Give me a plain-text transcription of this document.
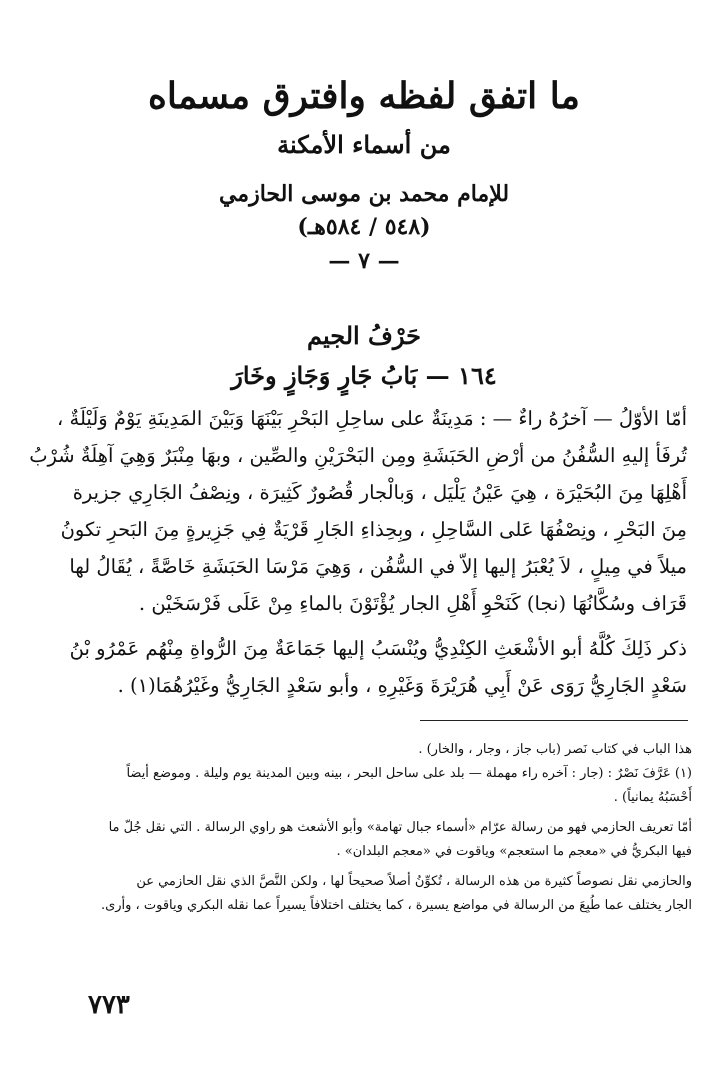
ما اتفق لفظه وافترق مسماه
من أسماء الأمكنة
للإمام محمد بن موسى الحازمي
(٥٤٨ / ٥٨٤هـ)
— ٧ —
حَرْفُ الجيم
١٦٤ — بَابُ جَارٍ وَجَازٍ وخَارَ
أمّا الأوّلُ — آخرُهُ راءٌ — : مَدِينَةٌ على ساحِلِ البَحْرِ بَيْنَهَا وَبَيْنَ المَدِينَةِ يَوْمٌ وَلَيْلَةٌ ،
تُرفَأ إليهِ السُّفُنُ من أرْضِ الحَبَشَةِ ومِن البَحْرَيْنِ والصِّين ، وبهَا مِنْبَرٌ وَهِيَ آهِلَةٌ شُرْبُ
أَهْلِهَا مِنَ البُحَيْرَة ، هِيَ عَيْنُ يَلْيَل ، وَبالْجار قُصُورٌ كَثِيرَة ، ونِصْفُ الجَارِي جزيرة
مِنَ البَحْرِ ، ونِصْفُهَا عَلى السَّاحِلِ ، وبِحِذاءِ الجَارِ قَرْيَةٌ فِي جَزِيرةٍ مِنَ البَحرِ تكونُ
ميلاً في مِيلٍ ، لاَ يُعْبَرُ إليها إلاّ في السُّفُن ، وَهِيَ مَرْسَا الحَبَشَةِ خَاصَّةً ، يُقَالُ لها
قَرَاف وسُكَّانُهَا (نجا) كَنَحْوِ أَهْلِ الجار يُؤْتَوْنَ بالماءِ مِنْ عَلَى فَرْسَخَيْن .
ذكر ذَلِكَ كُلَّهُ أبو الأشْعَثِ الكِنْدِيُّ ويُنْسَبُ إليها جَمَاعَةٌ مِنَ الرُّواةِ مِنْهُم عَمْرُو بْنُ
سَعْدٍ الجَارِيُّ رَوَى عَنْ أَبِي هُرَيْرَةَ وَغَيْرِهِ ، وأبو سَعْدٍ الجَارِيُّ وغَيْرُهُمَا(١) .
هذا الباب في كتاب نَصر (باب جاز ، وجار ، والخار) .
(١) عَرَّفَ نَصْرٌ : (جار : آخره راء مهملة — بلد على ساحل البحر ، بينه وبين المدينة يوم وليلة . وموضع أيضاً
أَحْسَبُهُ يمانياً) .
أمّا تعريف الحازمي فهو من رسالة عرّام «أسماء جبال تهامة» وأبو الأشعث هو راوي الرسالة . التي نقل جُلّ ما
فيها البكريُّ في «معجم ما استعجم» وياقوت في «معجم البلدان» .
والحازمي نقل نصوصاً كثيرة من هذه الرسالة ، تُكوِّنُ أصلاً صحيحاً لها ، ولكن النَّصَّ الذي نقل الحازمي عن
الجار يختلف عما طُبِعَ من الرسالة في مواضع يسيرة ، كما يختلف اختلافاً يسيراً عما نقله البكري وياقوت ، وأرى.
٧٧٣
